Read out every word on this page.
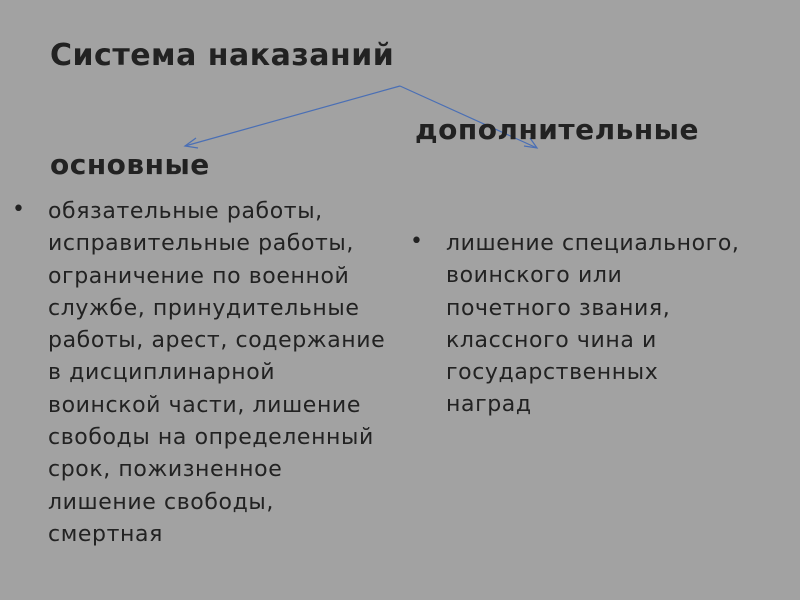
Система наказаний
основные
дополнительные
• обязательные работы, исправительные работы, ограничение по военной службе, принудительные работы, арест, содержание в дисциплинарной воинской части, лишение свободы на определенный срок, пожизненное лишение свободы, смертная
• лишение специального, воинского или почетного звания, классного чина и государственных наград
